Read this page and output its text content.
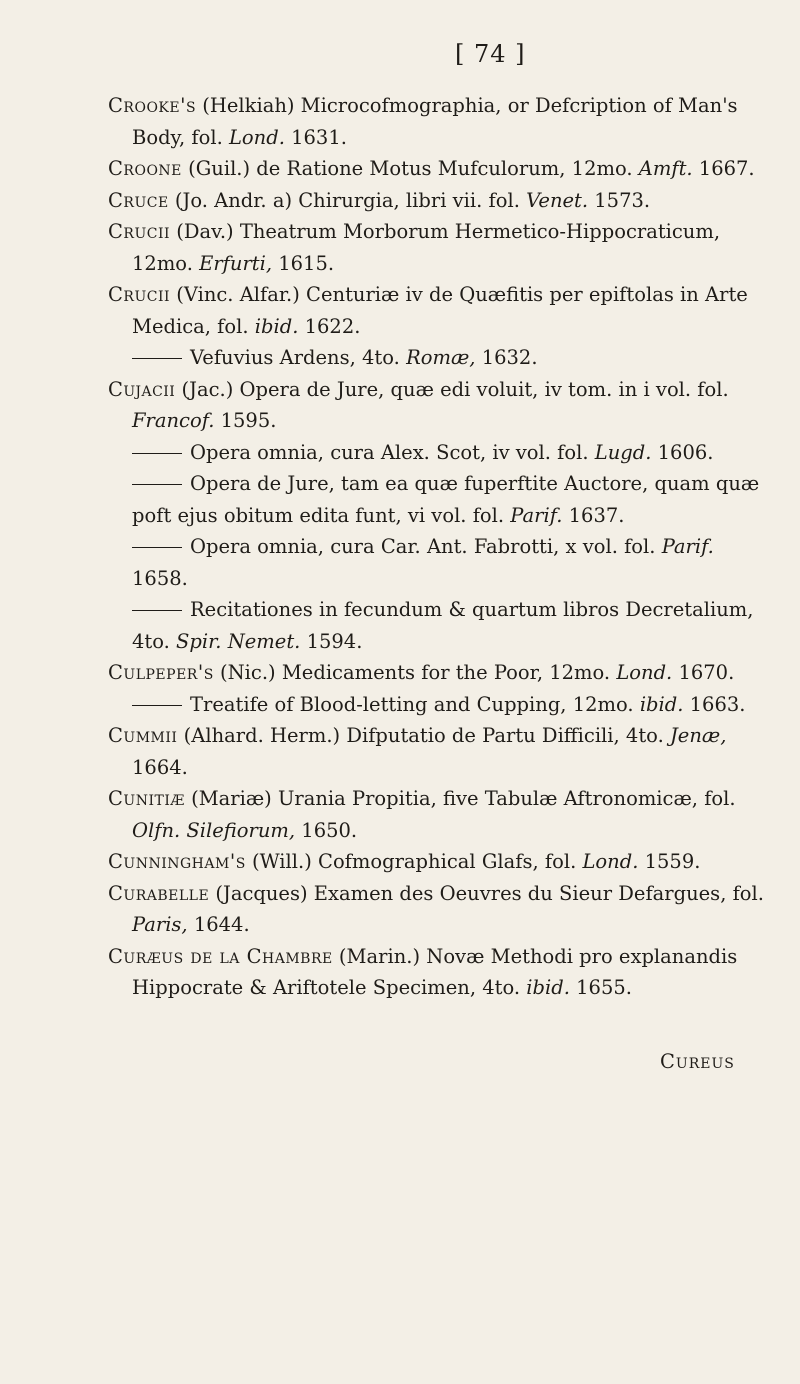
[ 74 ]

Crooke's (Helkiah) Microcofmographia, or Defcription of Man's Body, fol. Lond. 1631.

Croone (Guil.) de Ratione Motus Mufculorum, 12mo. Amft. 1667.

Cruce (Jo. Andr. a) Chirurgia, libri vii. fol. Venet. 1573.

Crucii (Dav.) Theatrum Morborum Hermetico-Hippocraticum, 12mo. Erfurti, 1615.

Crucii (Vinc. Alfar.) Centuriæ iv de Quæfitis per epiftolas in Arte Medica, fol. ibid. 1622.

Vefuvius Ardens, 4to. Romæ, 1632.

Cujacii (Jac.) Opera de Jure, quæ edi voluit, iv tom. in i vol. fol. Francof. 1595.

Opera omnia, cura Alex. Scot, iv vol. fol. Lugd. 1606.

Opera de Jure, tam ea quæ fuperftite Auctore, quam quæ poft ejus obitum edita funt, vi vol. fol. Parif. 1637.

Opera omnia, cura Car. Ant. Fabrotti, x vol. fol. Parif. 1658.

Recitationes in fecundum & quartum libros Decretalium, 4to. Spir. Nemet. 1594.

Culpeper's (Nic.) Medicaments for the Poor, 12mo. Lond. 1670.

Treatife of Blood-letting and Cupping, 12mo. ibid. 1663.

Cummii (Alhard. Herm.) Difputatio de Partu Difficili, 4to. Jenæ, 1664.

Cunitiæ (Mariæ) Urania Propitia, five Tabulæ Aftronomicæ, fol. Olfn. Silefiorum, 1650.

Cunningham's (Will.) Cofmographical Glafs, fol. Lond. 1559.

Curabelle (Jacques) Examen des Oeuvres du Sieur Defargues, fol. Paris, 1644.

Curæus de la Chambre (Marin.) Novæ Methodi pro explanandis Hippocrate & Ariftotele Specimen, 4to. ibid. 1655.

Cureus
